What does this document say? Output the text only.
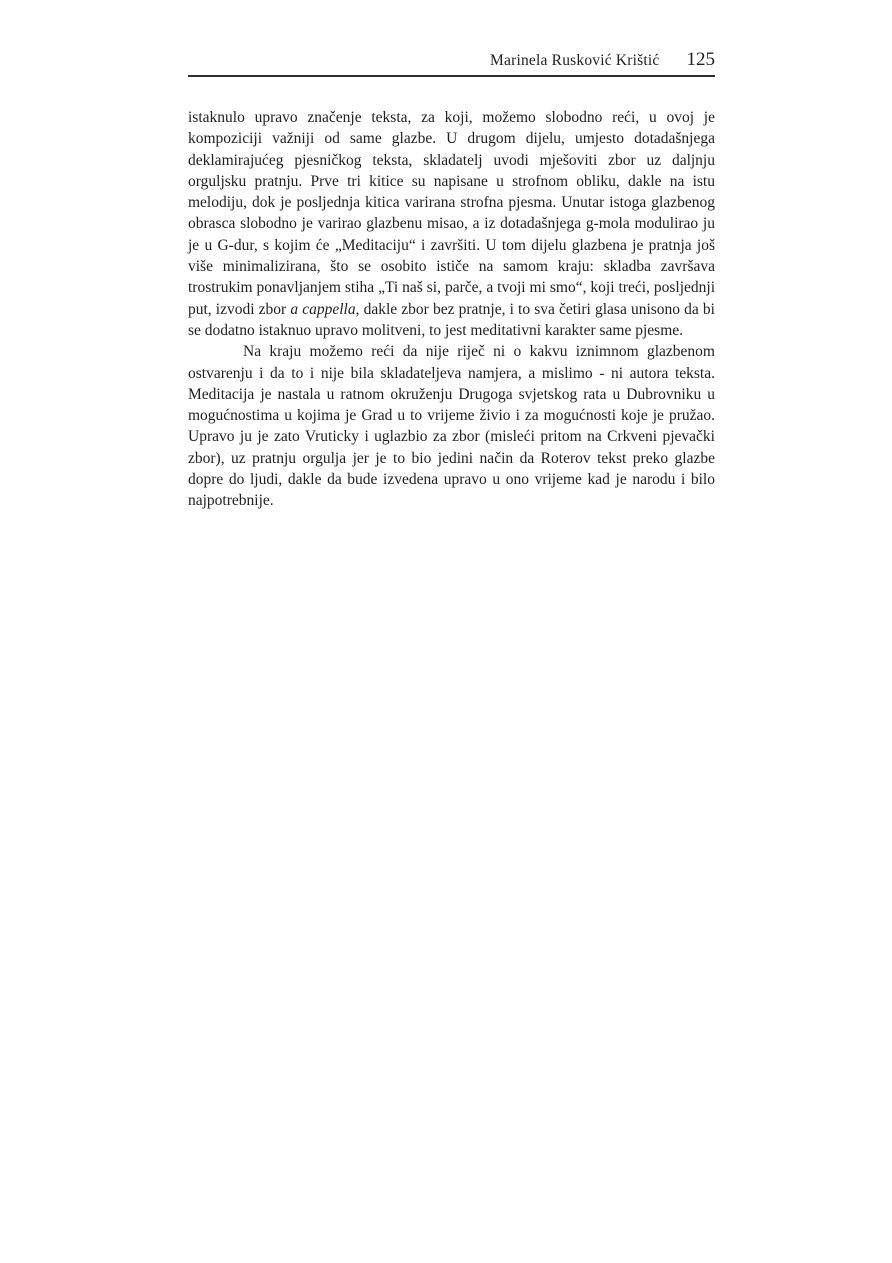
Marinela Rusković Krištić 125

istaknulo upravo značenje teksta, za koji, možemo slobodno reći, u ovoj je kompoziciji važniji od same glazbe. U drugom dijelu, umjesto dotadašnjega deklamirajućeg pjesničkog teksta, skladatelj uvodi mješoviti zbor uz daljnju orguljsku pratnju. Prve tri kitice su napisane u strofnom obliku, dakle na istu melodiju, dok je posljednja kitica varirana strofna pjesma. Unutar istoga glazbenog obrasca slobodno je varirao glazbenu misao, a iz dotadašnjega g-mola modulirao ju je u G-dur, s kojim će „Meditaciju“ i završiti. U tom dijelu glazbena je pratnja još više minimalizirana, što se osobito ističe na samom kraju: skladba završava trostrukim ponavljanjem stiha „Ti naš si, parče, a tvoji mi smo“, koji treći, posljednji put, izvodi zbor a cappella, dakle zbor bez pratnje, i to sva četiri glasa unisono da bi se dodatno istaknuo upravo molitveni, to jest meditativni karakter same pjesme.

Na kraju možemo reći da nije riječ ni o kakvu iznimnom glazbenom ostvarenju i da to i nije bila skladateljeva namjera, a mislimo - ni autora teksta. Meditacija je nastala u ratnom okruženju Drugoga svjetskog rata u Dubrovniku u mogućnostima u kojima je Grad u to vrijeme živio i za mogućnosti koje je pružao. Upravo ju je zato Vruticky i uglazbio za zbor (misleći pritom na Crkveni pjevački zbor), uz pratnju orgulja jer je to bio jedini način da Roterov tekst preko glazbe dopre do ljudi, dakle da bude izvedena upravo u ono vrijeme kad je narodu i bilo najpotrebnije.
